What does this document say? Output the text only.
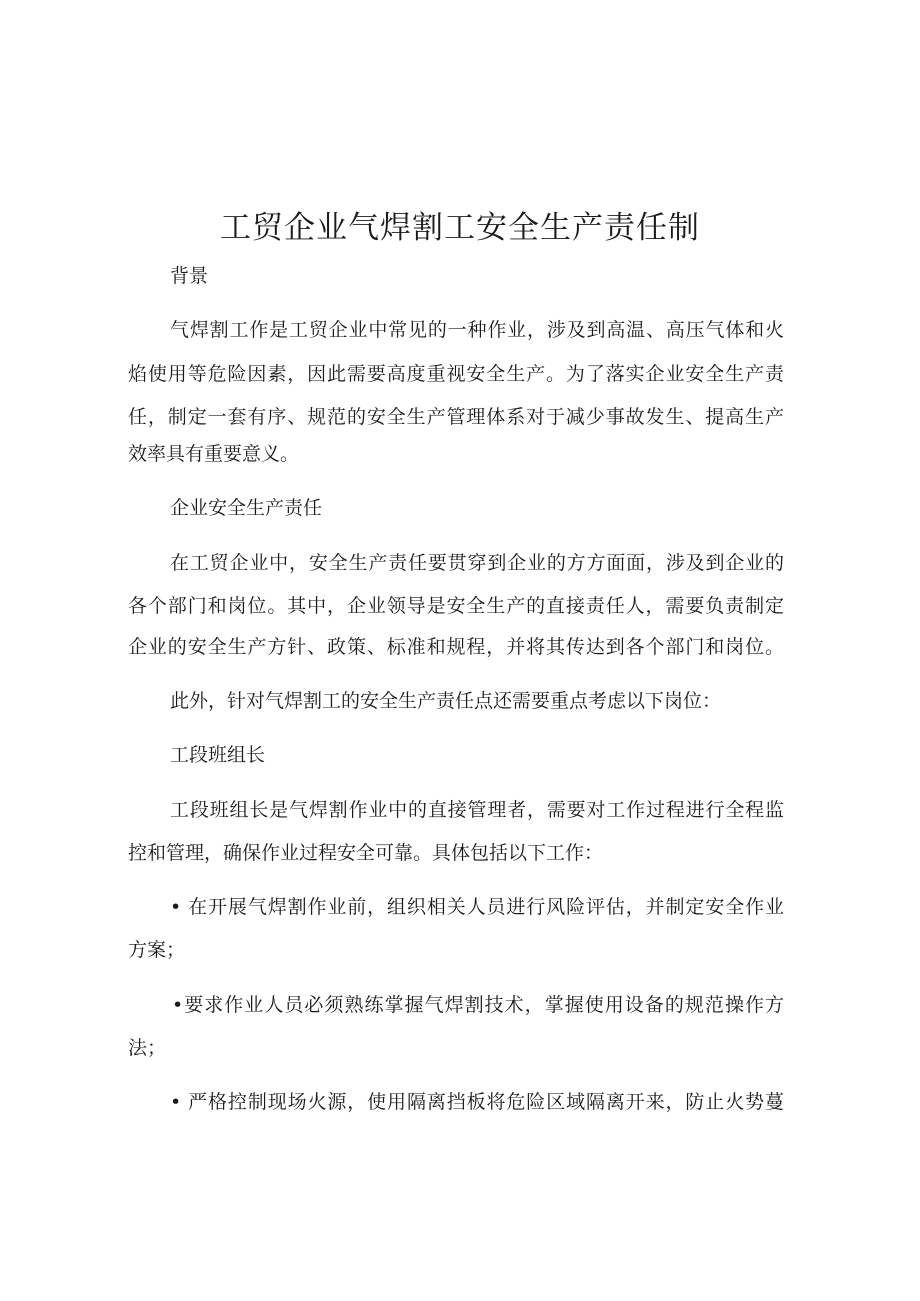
工贸企业气焊割工安全生产责任制

背景

气焊割工作是工贸企业中常见的一种作业，涉及到高温、高压气体和火

焰使用等危险因素，因此需要高度重视安全生产。为了落实企业安全生产责

任，制定一套有序、规范的安全生产管理体系对于减少事故发生、提高生产

效率具有重要意义。

企业安全生产责任

在工贸企业中，安全生产责任要贯穿到企业的方方面面，涉及到企业的

各个部门和岗位。其中，企业领导是安全生产的直接责任人，需要负责制定

企业的安全生产方针、政策、标准和规程，并将其传达到各个部门和岗位。

此外，针对气焊割工的安全生产责任点还需要重点考虑以下岗位：

工段班组长

工段班组长是气焊割作业中的直接管理者，需要对工作过程进行全程监

控和管理，确保作业过程安全可靠。具体包括以下工作：

• 在开展气焊割作业前，组织相关人员进行风险评估，并制定安全作业

方案；

•要求作业人员必须熟练掌握气焊割技术，掌握使用设备的规范操作方

法；

• 严格控制现场火源，使用隔离挡板将危险区域隔离开来，防止火势蔓
